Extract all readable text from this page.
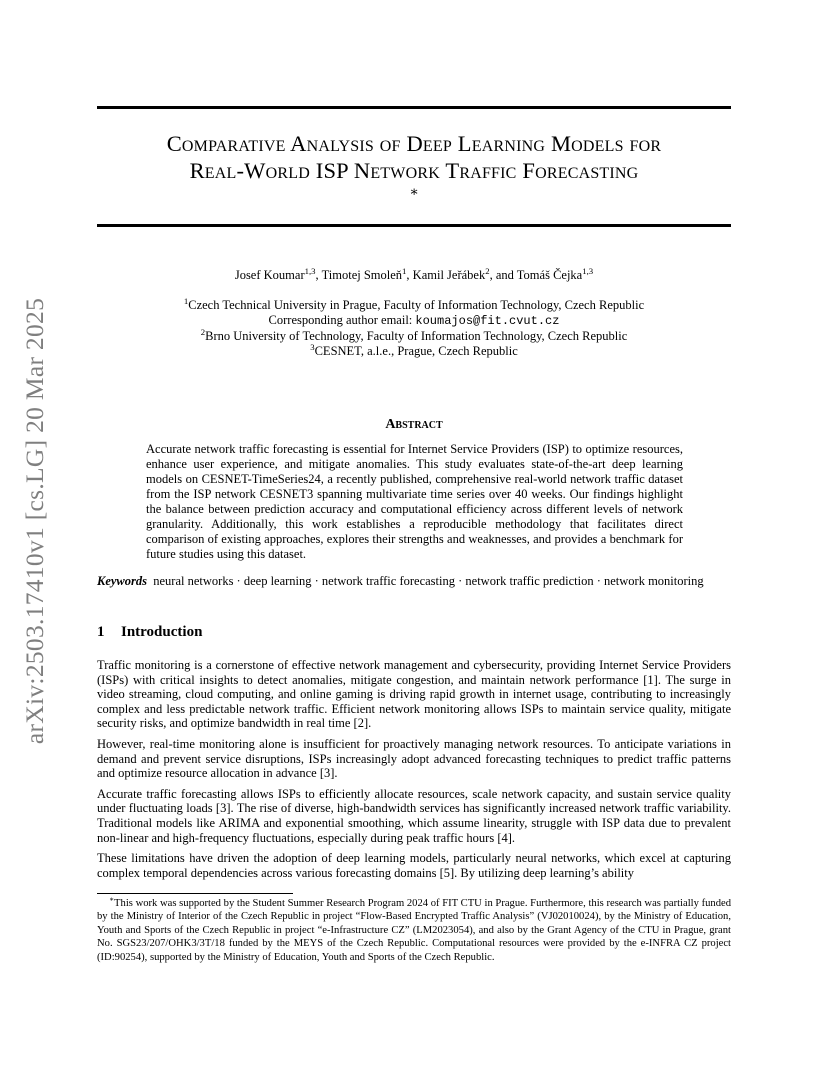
arXiv:2503.17410v1 [cs.LG] 20 Mar 2025
Comparative Analysis of Deep Learning Models for
Real-World ISP Network Traffic Forecasting
∗
Josef Koumar$^{1,3}$, Timotej Smoleň$^1$, Kamil Jeřábek$^2$, and Tomáš Čejka$^{1,3}$
$^1$Czech Technical University in Prague, Faculty of Information Technology, Czech Republic
Corresponding author email: koumajos@fit.cvut.cz
$^2$Brno University of Technology, Faculty of Information Technology, Czech Republic
$^3$CESNET, a.l.e., Prague, Czech Republic
Abstract
Accurate network traffic forecasting is essential for Internet Service Providers (ISP) to optimize resources, enhance user experience, and mitigate anomalies. This study evaluates state-of-the-art deep learning models on CESNET-TimeSeries24, a recently published, comprehensive real-world network traffic dataset from the ISP network CESNET3 spanning multivariate time series over 40 weeks. Our findings highlight the balance between prediction accuracy and computational efficiency across different levels of network granularity. Additionally, this work establishes a reproducible methodology that facilitates direct comparison of existing approaches, explores their strengths and weaknesses, and provides a benchmark for future studies using this dataset.
Keywords neural networks · deep learning · network traffic forecasting · network traffic prediction · network monitoring
1 Introduction

Traffic monitoring is a cornerstone of effective network management and cybersecurity, providing Internet Service Providers (ISPs) with critical insights to detect anomalies, mitigate congestion, and maintain network performance [1]. The surge in video streaming, cloud computing, and online gaming is driving rapid growth in internet usage, contributing to increasingly complex and less predictable network traffic. Efficient network monitoring allows ISPs to maintain service quality, mitigate security risks, and optimize bandwidth in real time [2].

However, real-time monitoring alone is insufficient for proactively managing network resources. To anticipate variations in demand and prevent service disruptions, ISPs increasingly adopt advanced forecasting techniques to predict traffic patterns and optimize resource allocation in advance [3].

Accurate traffic forecasting allows ISPs to efficiently allocate resources, scale network capacity, and sustain service quality under fluctuating loads [3]. The rise of diverse, high-bandwidth services has significantly increased network traffic variability. Traditional models like ARIMA and exponential smoothing, which assume linearity, struggle with ISP data due to prevalent non-linear and high-frequency fluctuations, especially during peak traffic hours [4].

These limitations have driven the adoption of deep learning models, particularly neural networks, which excel at capturing complex temporal dependencies across various forecasting domains [5]. By utilizing deep learning’s ability

∗This work was supported by the Student Summer Research Program 2024 of FIT CTU in Prague. Furthermore, this research was partially funded by the Ministry of Interior of the Czech Republic in project “Flow-Based Encrypted Traffic Analysis” (VJ02010024), by the Ministry of Education, Youth and Sports of the Czech Republic in project “e-Infrastructure CZ” (LM2023054), and also by the Grant Agency of the CTU in Prague, grant No. SGS23/207/OHK3/3T/18 funded by the MEYS of the Czech Republic. Computational resources were provided by the e-INFRA CZ project (ID:90254), supported by the Ministry of Education, Youth and Sports of the Czech Republic.
